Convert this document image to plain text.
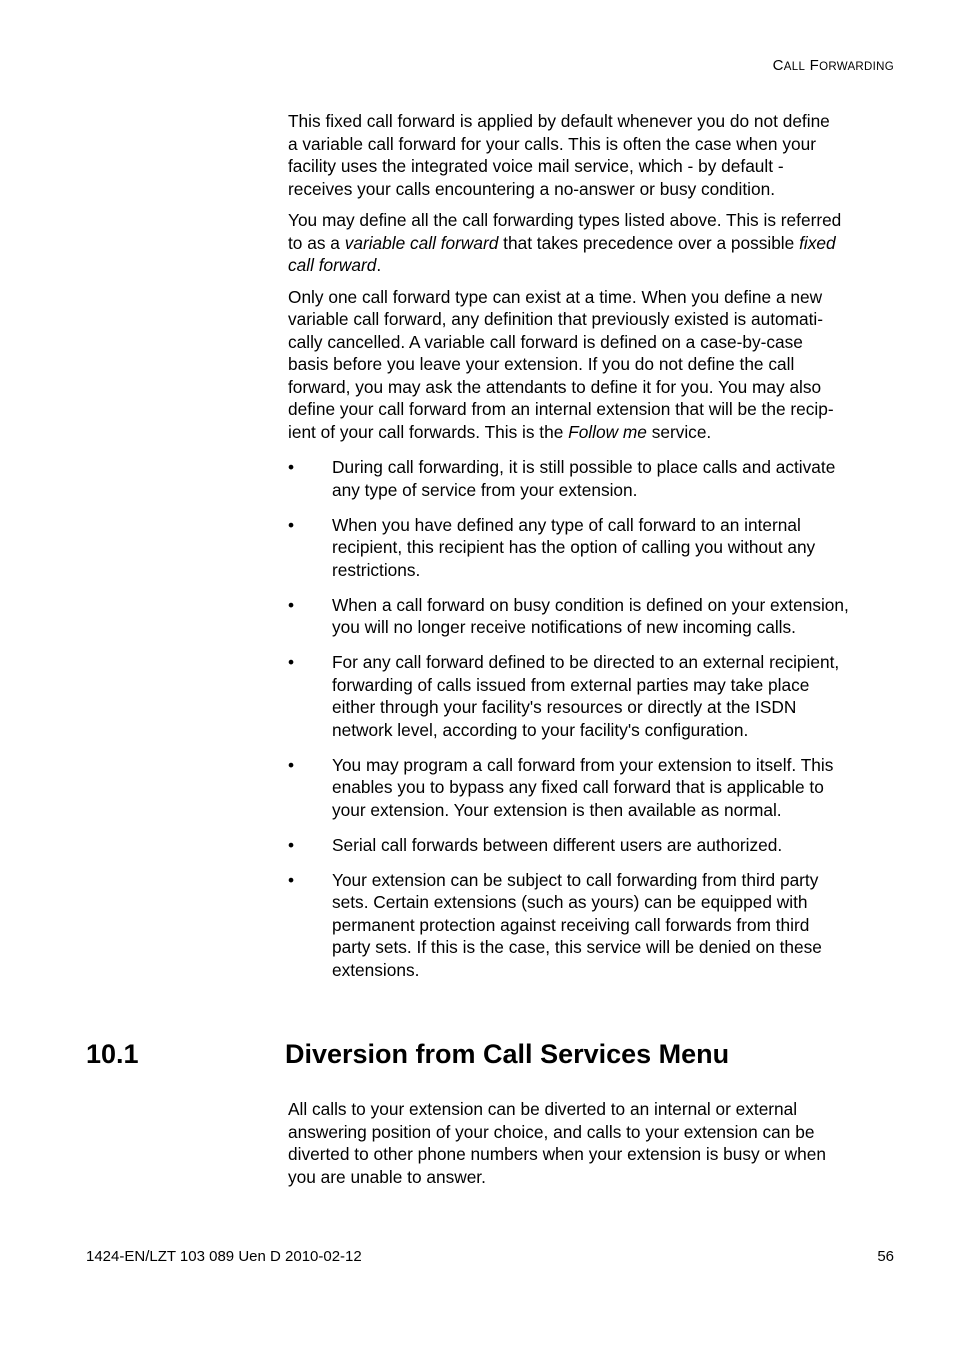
CALL FORWARDING

This fixed call forward is applied by default whenever you do not define
a variable call forward for your calls. This is often the case when your
facility uses the integrated voice mail service, which - by default -
receives your calls encountering a no-answer or busy condition.

You may define all the call forwarding types listed above. This is referred
to as a variable call forward that takes precedence over a possible fixed
call forward.

Only one call forward type can exist at a time. When you define a new
variable call forward, any definition that previously existed is automati-
cally cancelled. A variable call forward is defined on a case-by-case
basis before you leave your extension. If you do not define the call
forward, you may ask the attendants to define it for you. You may also
define your call forward from an internal extension that will be the recip-
ient of your call forwards. This is the Follow me service.

• During call forwarding, it is still possible to place calls and activate
any type of service from your extension.
• When you have defined any type of call forward to an internal
recipient, this recipient has the option of calling you without any
restrictions.
• When a call forward on busy condition is defined on your extension,
you will no longer receive notifications of new incoming calls.
• For any call forward defined to be directed to an external recipient,
forwarding of calls issued from external parties may take place
either through your facility's resources or directly at the ISDN
network level, according to your facility's configuration.
• You may program a call forward from your extension to itself. This
enables you to bypass any fixed call forward that is applicable to
your extension. Your extension is then available as normal.
• Serial call forwards between different users are authorized.
• Your extension can be subject to call forwarding from third party
sets. Certain extensions (such as yours) can be equipped with
permanent protection against receiving call forwards from third
party sets. If this is the case, this service will be denied on these
extensions.
10.1	Diversion from Call Services Menu

All calls to your extension can be diverted to an internal or external
answering position of your choice, and calls to your extension can be
diverted to other phone numbers when your extension is busy or when
you are unable to answer.

1424-EN/LZT 103 089 Uen D 2010-02-12	56
